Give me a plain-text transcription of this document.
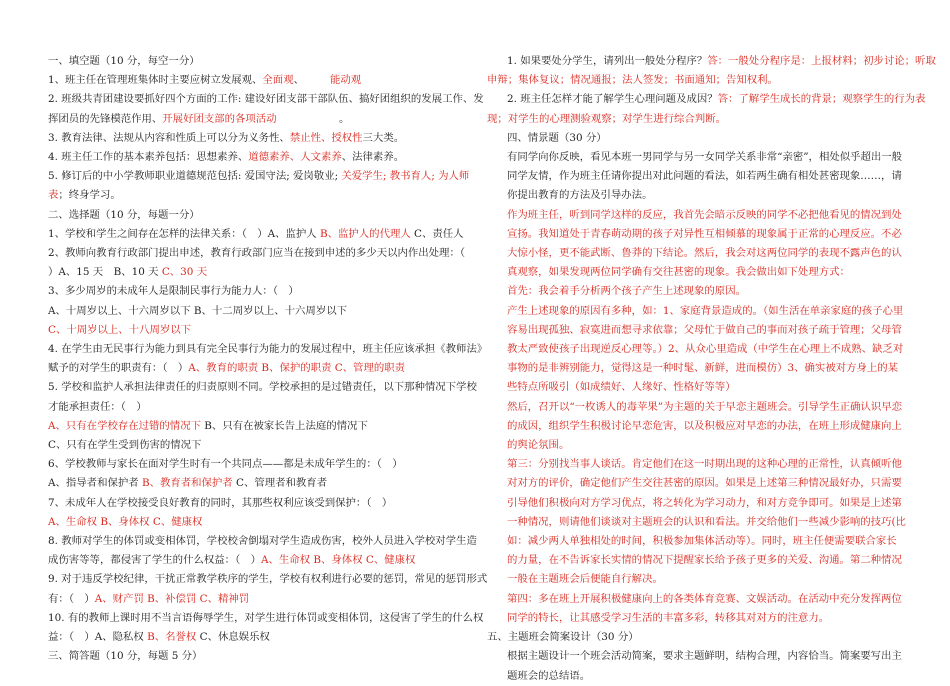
一、填空题（10 分，每空一分）
1、班主任在管理班集体时主要应树立发展观、全面观、　　　	能动观
2. 班级共青团建设要抓好四个方面的工作: 建设好团支部干部队伍、搞好团组织的发展工作、发
挥团员的先锋模范作用、开展好团支部的各项活动　　　　　　	。
3. 教育法律、法规从内容和性质上可以分为义务性、禁止性、授权性三大类。
4. 班主任工作的基本素养包括：思想素养、道德素养、人文素养、法律素养。
5. 修订后的中小学教师职业道德规范包括: 爱国守法; 爱岗敬业; 关爱学生; 教书育人; 为人师
表；终身学习。
二、选择题（10 分，每题一分）
1、学校和学生之间存在怎样的法律关系：（　）A、监护人 B、监护人的代理人 C、责任人
2、教师向教育行政部门提出申述，教育行政部门应当在接到申述的多少天以内作出处理：（
）A、15 天　B、10 天 C、30 天
3、多少周岁的未成年人是限制民事行为能力人：（　）
A、十周岁以上、十六周岁以下 B、十二周岁以上、十六周岁以下
C、十周岁以上、十八周岁以下
4. 在学生由无民事行为能力到具有完全民事行为能力的发展过程中，班主任应该承担《教师法》
赋予的对学生的职责有：（　）A、教育的职责 B、保护的职责 C、管理的职责
5. 学校和监护人承担法律责任的归责原则不同。学校承担的是过错责任，以下那种情况下学校
才能承担责任：（　）
A、只有在学校存在过错的情况下 B、只有在被家长告上法庭的情况下
C、只有在学生受到伤害的情况下
6、学校教师与家长在面对学生时有一个共同点——都是未成年学生的：（　）
A、指导者和保护者 B、教育者和保护者 C、管理者和教育者
7、未成年人在学校接受良好教育的同时，其那些权利应该受到保护：（　）
A、生命权 B、身体权 C、健康权
8. 教师对学生的体罚或变相体罚，学校校舍倒塌对学生造成伤害，校外人员进入学校对学生造
成伤害等等，都侵害了学生的什么权益：（　）A、生命权 B、身体权 C、健康权
9. 对于违反学校纪律，干扰正常教学秩序的学生，学校有权利进行必要的惩罚，常见的惩罚形式
有：（　）A、财产罚 B、补偿罚 C、精神罚
10. 有的教师上课时用不当言语侮辱学生，对学生进行体罚或变相体罚，这侵害了学生的什么权
益：（　）A、隐私权 B、名誉权 C、休息娱乐权
三、简答题（10 分，每题 5 分）
1. 如果要处分学生，请列出一般处分程序？答：一般处分程序是：上报材料；初步讨论；听取
申辩；集体复议；情况通报；法人签发；书面通知；告知权利。
2. 班主任怎样才能了解学生心理问题及成因？答：了解学生成长的背景；观察学生的行为表
现；对学生的心理测验观察；对学生进行综合判断。
四、情景题（30 分）
有同学向你反映，看见本班一男同学与另一女同学关系非常“亲密”，相处似乎超出一般同学友情，作为班主任请你提出对此问题的看法，如若两生确有相处甚密现象……，请你提出教育的方法及引导办法。
作为班主任，听到同学这样的反应，我首先会暗示反映的同学不必把他看见的情况到处宣扬。我知道处于青春萌动期的孩子对异性互相倾慕的现象属于正常的心理反应。不必大惊小怪，更不能武断、鲁莽的下结论。然后，我会对这两位同学的表现不露声色的认真观察，如果发现两位同学确有交往甚密的现象。我会做出如下处理方式：
首先：我会着手分析两个孩子产生上述现象的原因。
产生上述现象的原因有多种，如：1、家庭背景造成的。（如生活在单亲家庭的孩子心里容易出现孤独、寂寞进而想寻求依靠；父母忙于做自己的事而对孩子疏于管理；父母管教太严致使孩子出现逆反心理等。）2、从众心里造成（中学生在心理上不成熟、缺乏对事物的是非辨别能力，觉得这是一种时髦、新鲜，进而模仿）3、确实被对方身上的某些特点所吸引（如成绩好、人缘好、性格好等等）
然后，召开以“一枚诱人的毒苹果”为主题的关于早恋主题班会。引导学生正确认识早恋的成因，组织学生积极讨论早恋危害，以及积极应对早恋的办法，在班上形成健康向上的舆论氛围。
第三：分别找当事人谈话。肯定他们在这一时期出现的这种心理的正常性，认真倾听他对对方的评价，确定他们产生交往甚密的原因。如果是上述第三种情况最好办，只需要引导他们积极向对方学习优点，将之转化为学习动力，和对方竞争即可。如果是上述第一种情况，则请他们谈谈对主题班会的认识和看法。并交给他们一些减少影响的技巧(比如：减少两人单独相处的时间，积极参加集体活动等）。同时，班主任便需要联合家长的力量，在不告诉家长实情的情况下提醒家长给予孩子更多的关爱、沟通。第二种情况一般在主题班会后便能自行解决。
第四：多在班上开展积极健康向上的各类体育竞赛、文娱活动。在活动中充分发挥两位同学的特长，让其感受学习生活的丰富多彩，转移其对对方的注意力。
五、主题班会简案设计（30 分）
根据主题设计一个班会活动简案，要求主题鲜明，结构合理，内容恰当。简案要写出主题班会的总结语。
